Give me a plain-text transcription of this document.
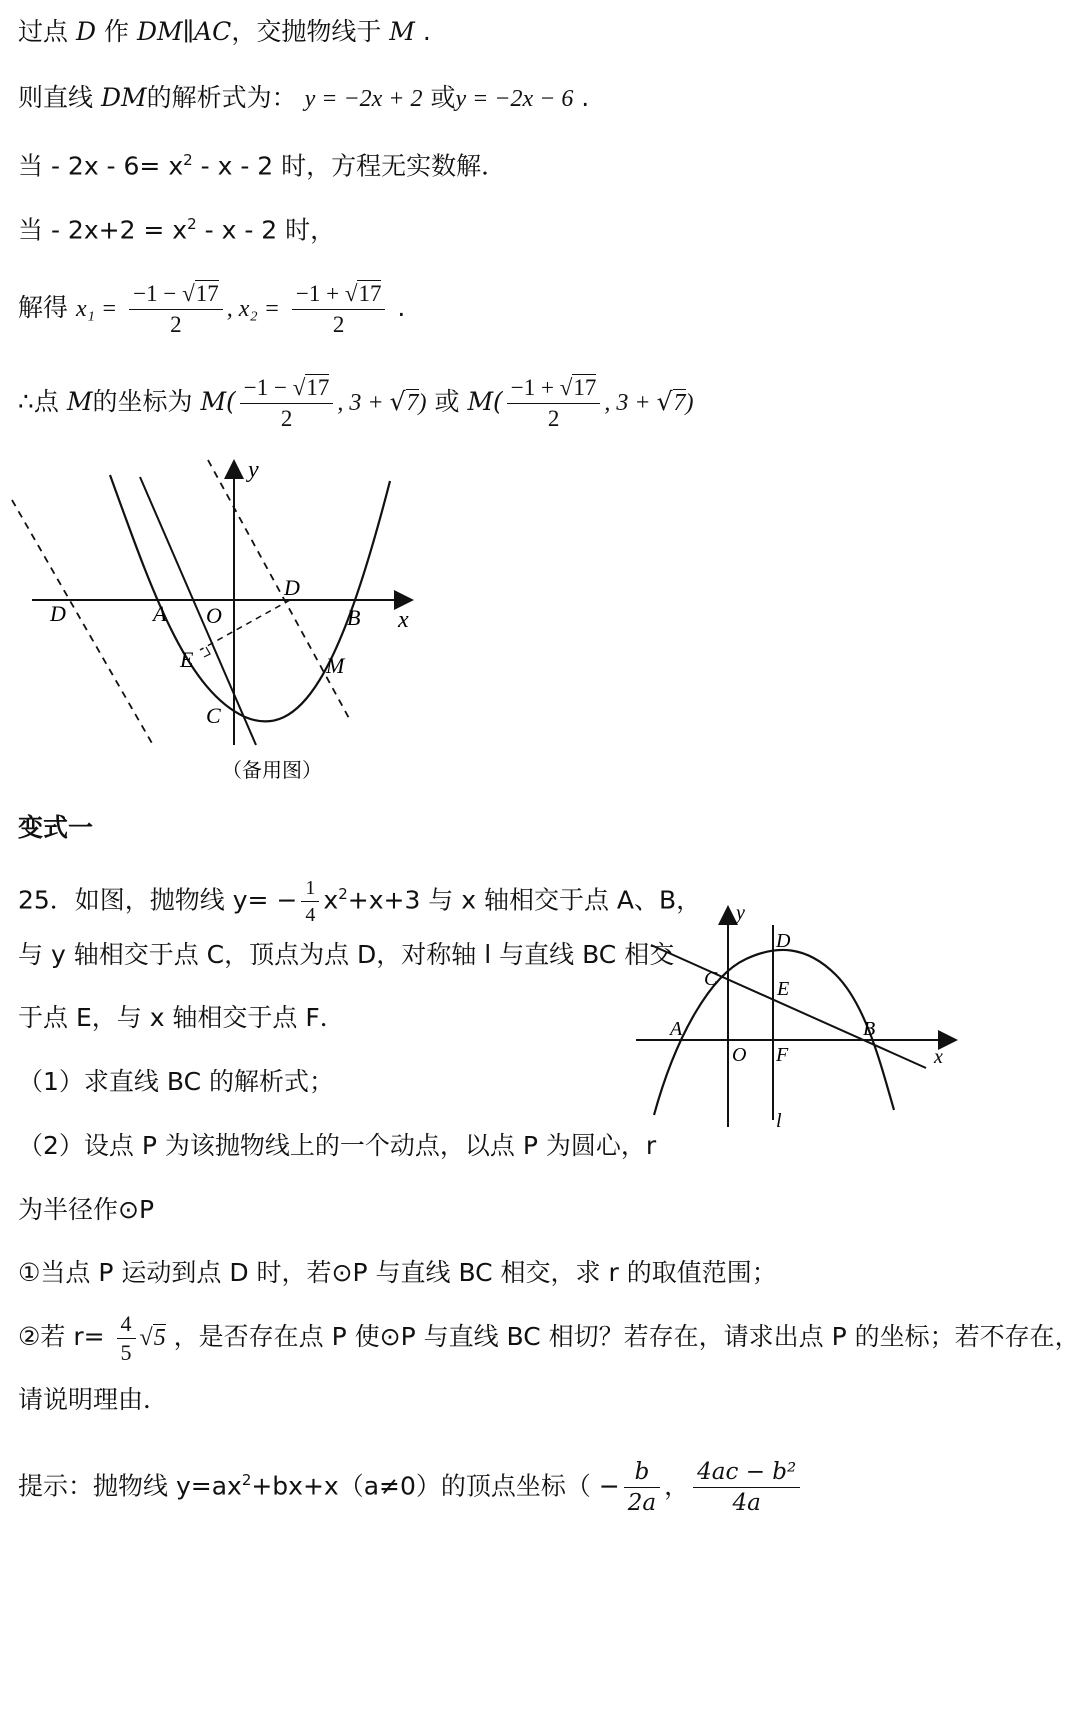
过点 D 作 DM∥AC，交抛物线于 M .
则直线 DM的解析式为： y = −2x + 2 或y = −2x − 6 .
当 - $2x - 6= x^2 - x - 2$ 时，方程无实数解．
当 - $2x+2 = x^2 - x - 2$ 时，
解得 $x_1 = \frac{-1 - √17}{2}$ , $x_2 = \frac{-1 + √17}{2}$ .
∴点 M的坐标为 $M( \frac{-1 - √17}{2}$ , 3 + √7) 或 $M( \frac{-1 + √17}{2}$ , 3 + √7)
y
x
D	A O
D
B
E	M
C
（备用图）
变式一
25．如图，抛物线 $y= - \frac{1}{4} x^2+x+3$ 与 x 轴相交于点 A、B，
与 y 轴相交于点 C，顶点为点 D，对称轴 l 与直线 BC 相交
于点 E，与 x 轴相交于点 F．
（1）求直线 BC 的解析式；
（2）设点 P 为该抛物线上的一个动点，以点 P 为圆心，r
为半径作⊙P
①当点 P 运动到点 D 时，若⊙P 与直线 BC 相交，求 r 的取值范围；
②若 $r= \frac{4}{5} √5$ ，是否存在点 P 使⊙P 与直线 BC 相切？若存在，请求出点 P 的坐标；若不存在，
请说明理由．
提示：抛物线 $y=ax^2+bx+x(a\ne 0)$的顶点坐标（ − $\frac{b}{2a}$ ， $\frac{\text{4ac − b²}}{4a}$
y
x
D
C	E
A
O F
B
l
